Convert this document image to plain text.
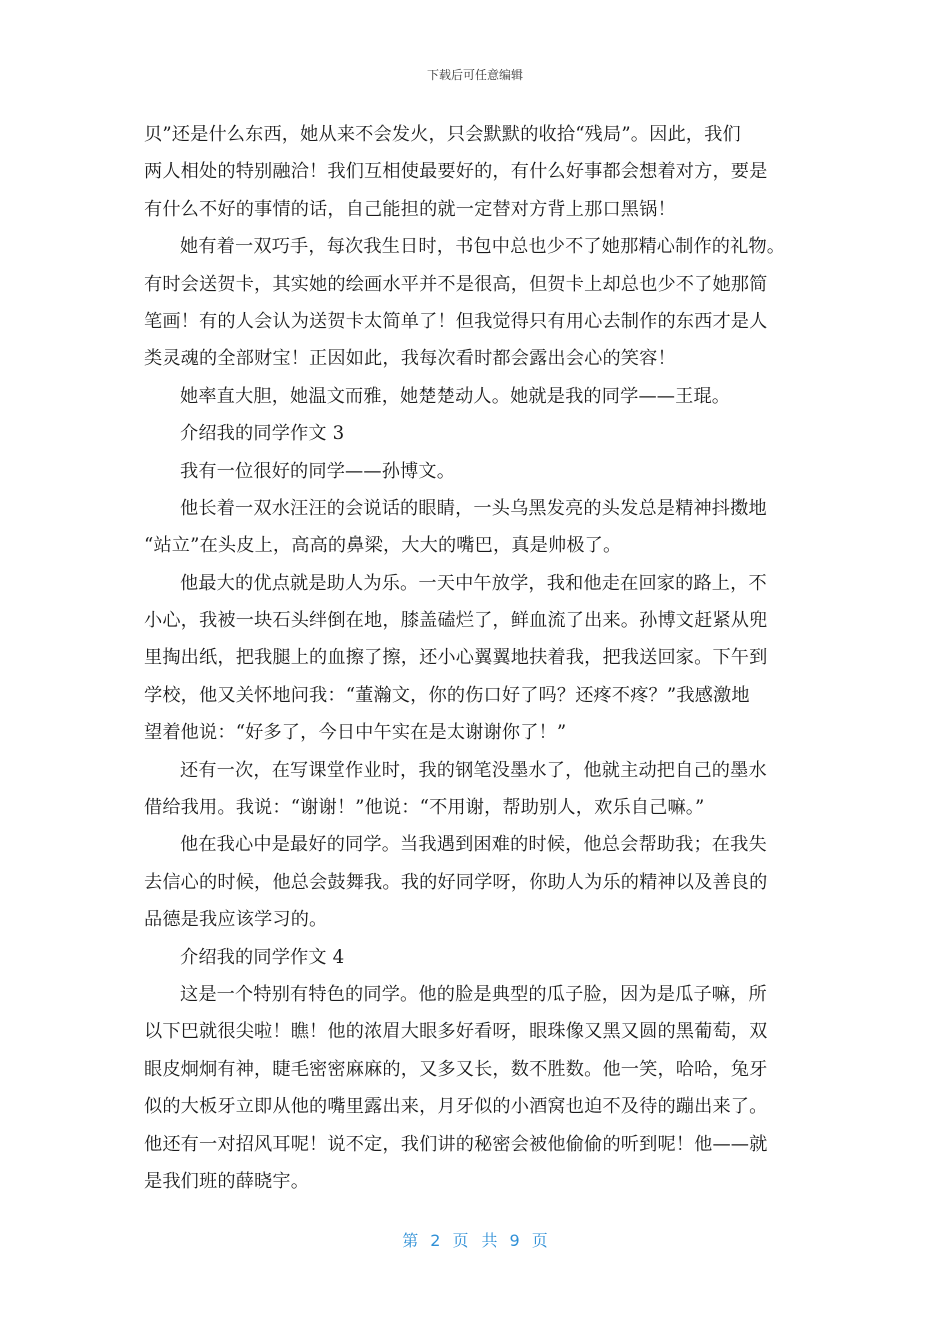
下载后可任意编辑
贝”还是什么东西，她从来不会发火，只会默默的收拾“残局”。因此，我们
两人相处的特别融洽！我们互相使最要好的，有什么好事都会想着对方，要是
有什么不好的事情的话，自己能担的就一定替对方背上那口黑锅！
她有着一双巧手，每次我生日时，书包中总也少不了她那精心制作的礼物。
有时会送贺卡，其实她的绘画水平并不是很高，但贺卡上却总也少不了她那简
笔画！有的人会认为送贺卡太简单了！但我觉得只有用心去制作的东西才是人
类灵魂的全部财宝！正因如此，我每次看时都会露出会心的笑容！
她率直大胆，她温文而雅，她楚楚动人。她就是我的同学——王琨。
介绍我的同学作文 3
我有一位很好的同学——孙博文。
他长着一双水汪汪的会说话的眼睛，一头乌黑发亮的头发总是精神抖擞地
“站立”在头皮上，高高的鼻梁，大大的嘴巴，真是帅极了。
他最大的优点就是助人为乐。一天中午放学，我和他走在回家的路上，不
小心，我被一块石头绊倒在地，膝盖磕烂了，鲜血流了出来。孙博文赶紧从兜
里掏出纸，把我腿上的血擦了擦，还小心翼翼地扶着我，把我送回家。下午到
学校，他又关怀地问我：“董瀚文，你的伤口好了吗？还疼不疼？”我感激地
望着他说：“好多了，今日中午实在是太谢谢你了！”
还有一次，在写课堂作业时，我的钢笔没墨水了，他就主动把自己的墨水
借给我用。我说：“谢谢！”他说：“不用谢，帮助别人，欢乐自己嘛。”
他在我心中是最好的同学。当我遇到困难的时候，他总会帮助我；在我失
去信心的时候，他总会鼓舞我。我的好同学呀，你助人为乐的精神以及善良的
品德是我应该学习的。
介绍我的同学作文 4
这是一个特别有特色的同学。他的脸是典型的瓜子脸，因为是瓜子嘛，所
以下巴就很尖啦！瞧！他的浓眉大眼多好看呀，眼珠像又黑又圆的黑葡萄，双
眼皮炯炯有神，睫毛密密麻麻的，又多又长，数不胜数。他一笑，哈哈，兔牙
似的大板牙立即从他的嘴里露出来，月牙似的小酒窝也迫不及待的蹦出来了。
他还有一对招风耳呢！说不定，我们讲的秘密会被他偷偷的听到呢！他——就
是我们班的薛晓宇。
第 2 页 共 9 页
